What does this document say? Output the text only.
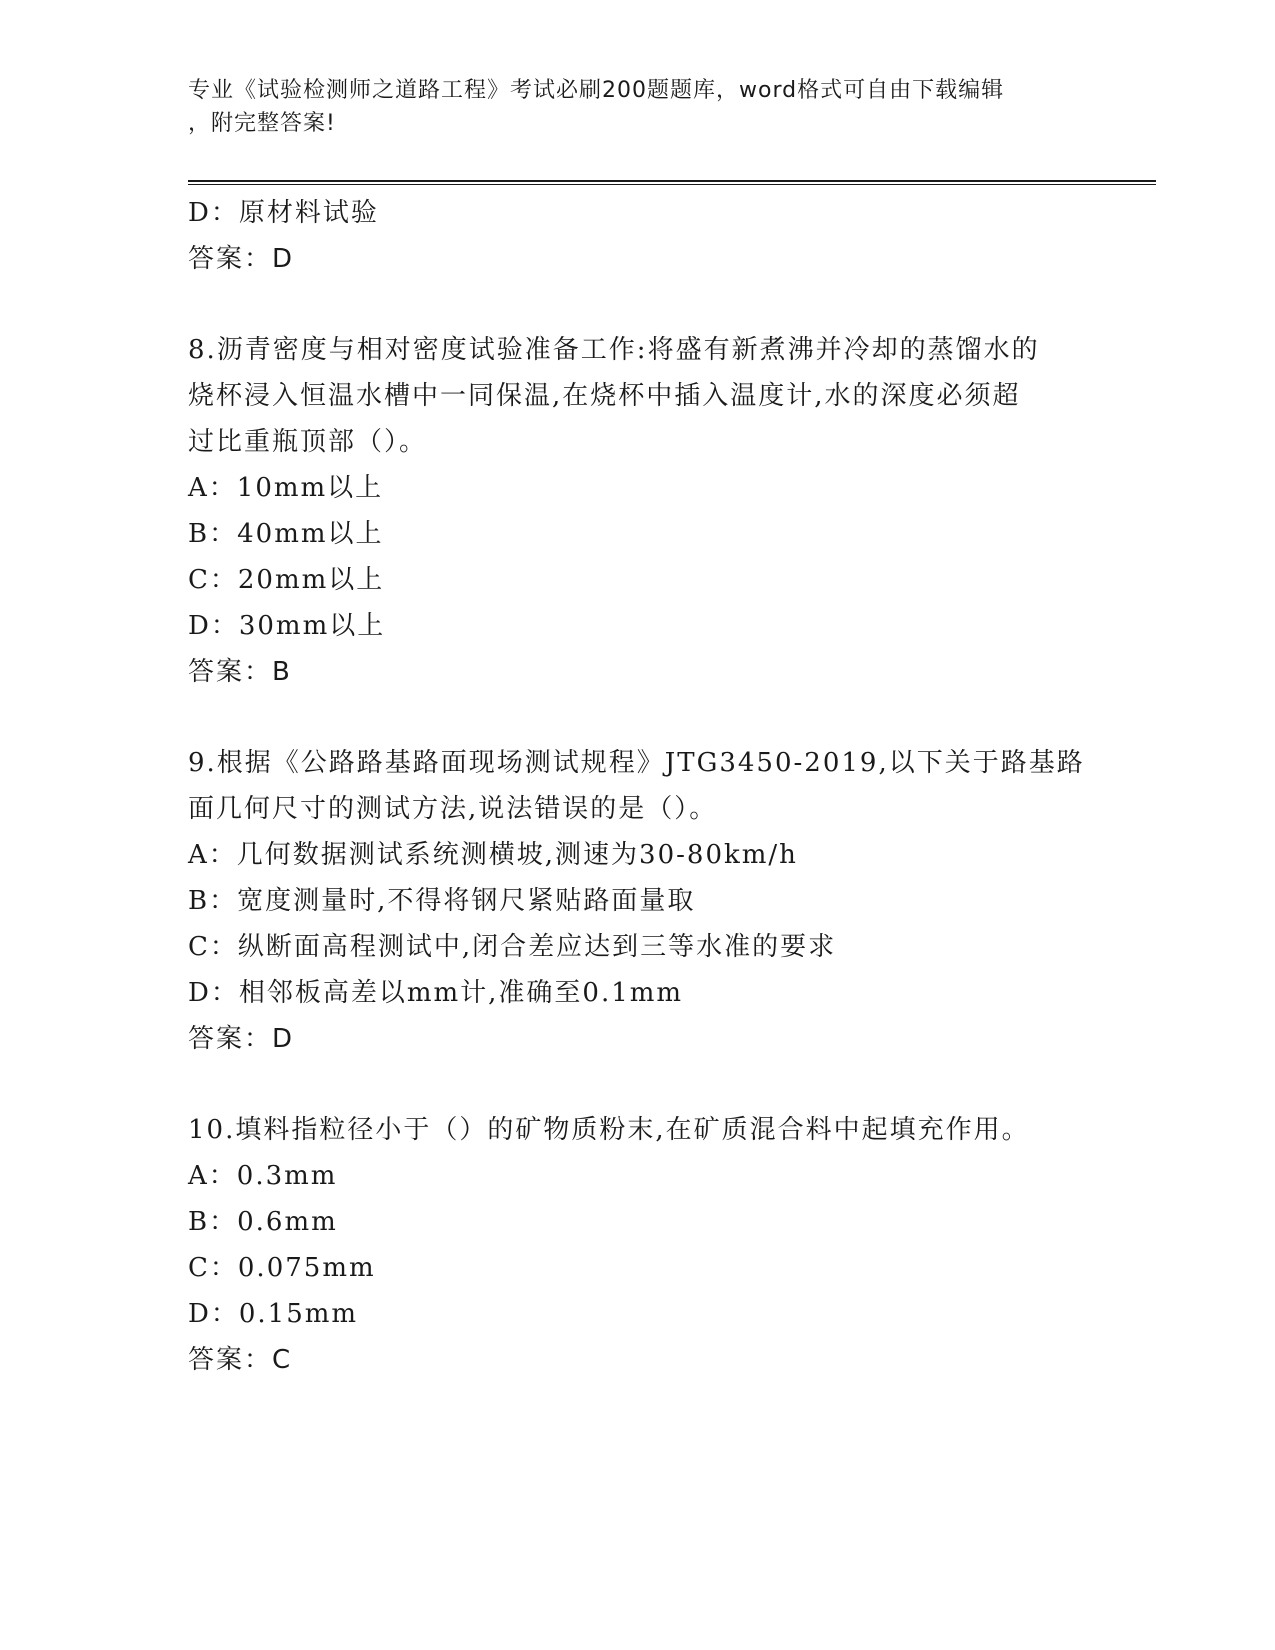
专业《试验检测师之道路工程》考试必刷200题题库，word格式可自由下载编辑
，附完整答案!
D：原材料试验
答案：D
8.沥青密度与相对密度试验准备工作:将盛有新煮沸并冷却的蒸馏水的
烧杯浸入恒温水槽中一同保温,在烧杯中插入温度计,水的深度必须超
过比重瓶顶部（）。
A：10mm以上
B：40mm以上
C：20mm以上
D：30mm以上
答案：B
9.根据《公路路基路面现场测试规程》JTG3450-2019,以下关于路基路
面几何尺寸的测试方法,说法错误的是（）。
A：几何数据测试系统测横坡,测速为30-80km/h
B：宽度测量时,不得将钢尺紧贴路面量取
C：纵断面高程测试中,闭合差应达到三等水准的要求
D：相邻板高差以mm计,准确至0.1mm
答案：D
10.填料指粒径小于（）的矿物质粉末,在矿质混合料中起填充作用。
A：0.3mm
B：0.6mm
C：0.075mm
D：0.15mm
答案：C
